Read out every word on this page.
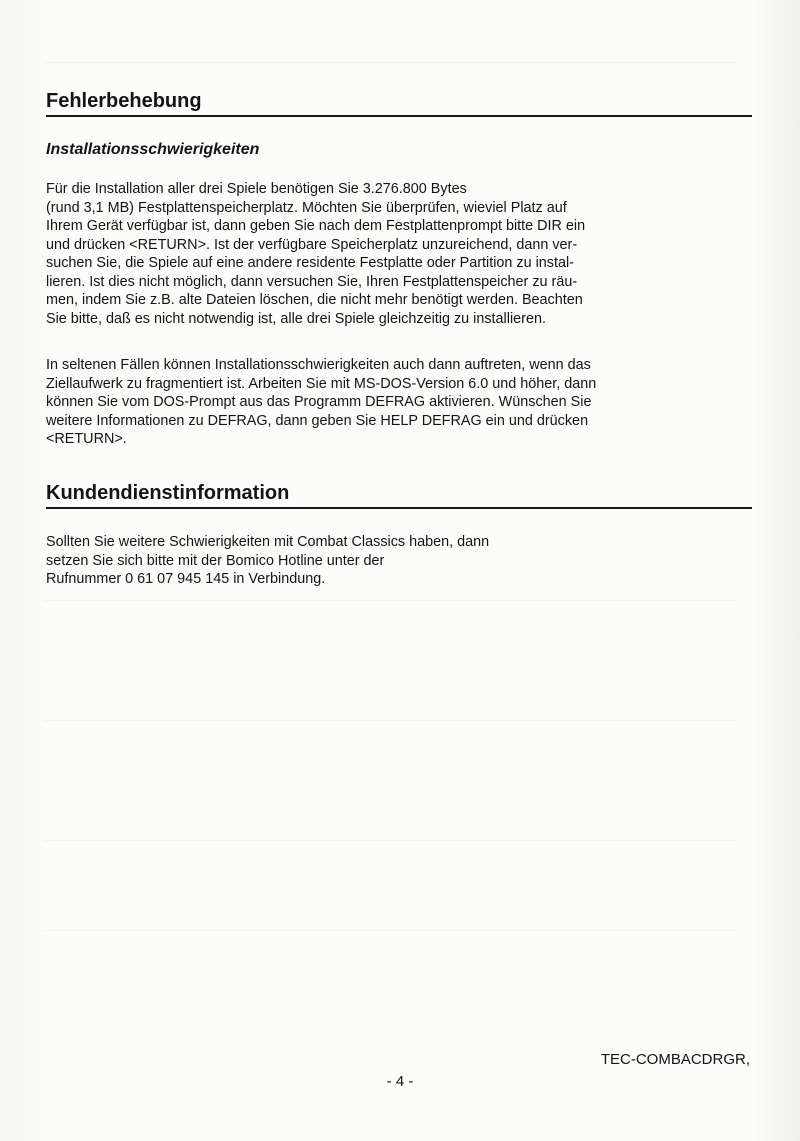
Fehlerbehebung
Installationsschwierigkeiten

Für die Installation aller drei Spiele benötigen Sie 3.276.800 Bytes

(rund 3,1 MB) Festplattenspeicherplatz. Möchten Sie überprüfen, wieviel Platz auf

Ihrem Gerät verfügbar ist, dann geben Sie nach dem Festplattenprompt bitte DIR ein

und drücken <RETURN>. Ist der verfügbare Speicherplatz unzureichend, dann ver-

suchen Sie, die Spiele auf eine andere residente Festplatte oder Partition zu instal-

lieren. Ist dies nicht möglich, dann versuchen Sie, Ihren Festplattenspeicher zu räu-

men, indem Sie z.B. alte Dateien löschen, die nicht mehr benötigt werden. Beachten

Sie bitte, daß es nicht notwendig ist, alle drei Spiele gleichzeitig zu installieren.

In seltenen Fällen können Installationsschwierigkeiten auch dann auftreten, wenn das

Ziellaufwerk zu fragmentiert ist. Arbeiten Sie mit MS-DOS-Version 6.0 und höher, dann

können Sie vom DOS-Prompt aus das Programm DEFRAG aktivieren. Wünschen Sie

weitere Informationen zu DEFRAG, dann geben Sie HELP DEFRAG ein und drücken

<RETURN>.

Kundendienstinformation

Sollten Sie weitere Schwierigkeiten mit Combat Classics haben, dann

setzen Sie sich bitte mit der Bomico Hotline unter der

Rufnummer 0 61 07 945 145 in Verbindung.

TEC-COMBACDRGR,
- 4 -
